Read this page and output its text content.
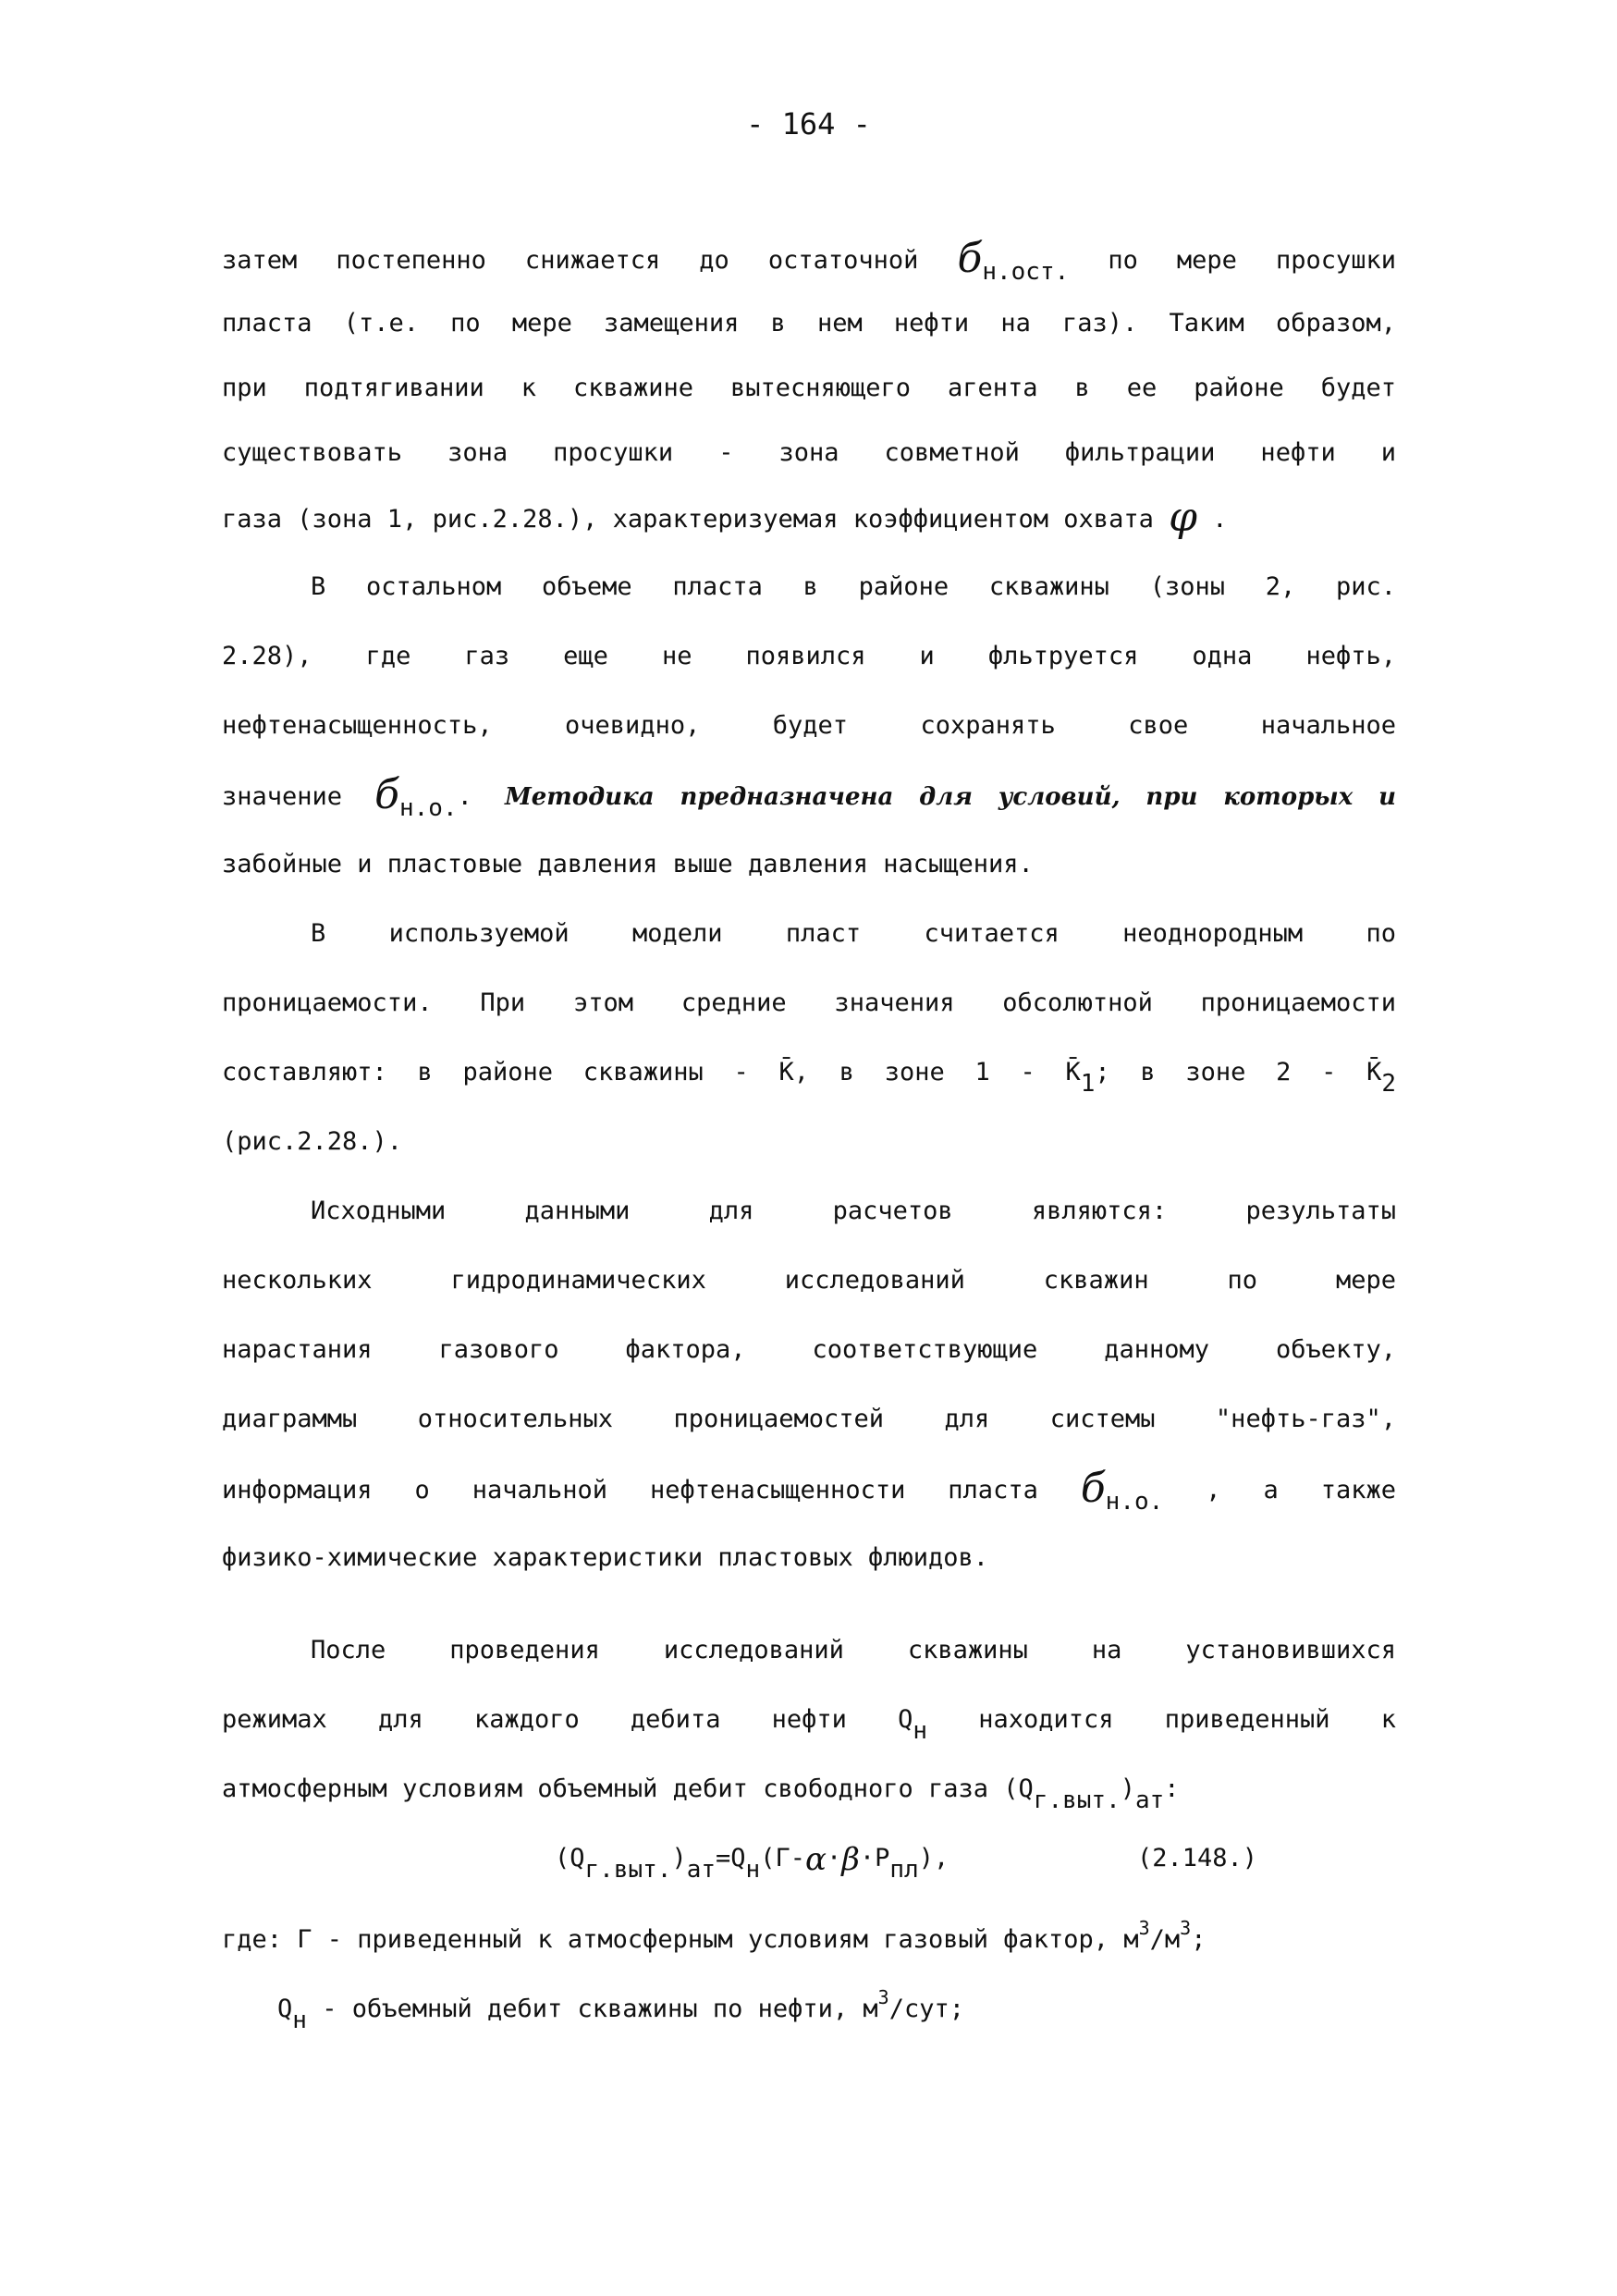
- 164 -
затем постепенно снижается до остаточной $б_{н.ост.}$ по мере просушки
пласта (т.е. по мере замещения в нем нефти на газ). Таким образом,
при подтягивании к скважине вытесняющего агента в ее районе будет
существовать зона просушки - зона совметной фильтрации нефти и
газа (зона 1, рис.2.28.), характеризуемая коэффициентом охвата φ .
В остальном объеме пласта в районе скважины (зоны 2, рис.
2.28), где газ еще не появился и фльтруется одна нефть,
нефтенасыщенность, очевидно, будет сохранять свое начальное
значение $б_{н.о.}$. Методика предназначена для условий, при которых и
забойные и пластовые давления выше давления насыщения.
В используемой модели пласт считается неоднородным по
проницаемости. При этом средние значения обсолютной проницаемости
составляют: в районе скважины - K̄, в зоне $1 - K̄_1$; в зоне $2 - K̄_2$
(рис.2.28.).
Исходными данными для расчетов являются: результаты
нескольких гидродинамических исследований скважин по мере
нарастания газового фактора, соответствующие данному объекту,
диаграммы относительных проницаемостей для системы "нефть-газ",
информация о начальной нефтенасыщенности пласта $б_{н.о.}$ , а также
физико-химические характеристики пластовых флюидов.
После проведения исследований скважины на установившихся
режимах для каждого дебита нефти $Q_н$ находится приведенный к
атмосферным условиям объемный дебит свободного газа $(Q_{г.выт.})_{ат}$:
$(Q_{г.выт.})_{ат}=Q_н(Г-\alpha\cdot\beta\cdot P_{пл})$,	(2.148.)
где: Г - приведенный к атмосферным условиям газовый фактор, $м^3/м^3$;
$Q_н$ - объемный дебит скважины по нефти, $м^3$/сут;
